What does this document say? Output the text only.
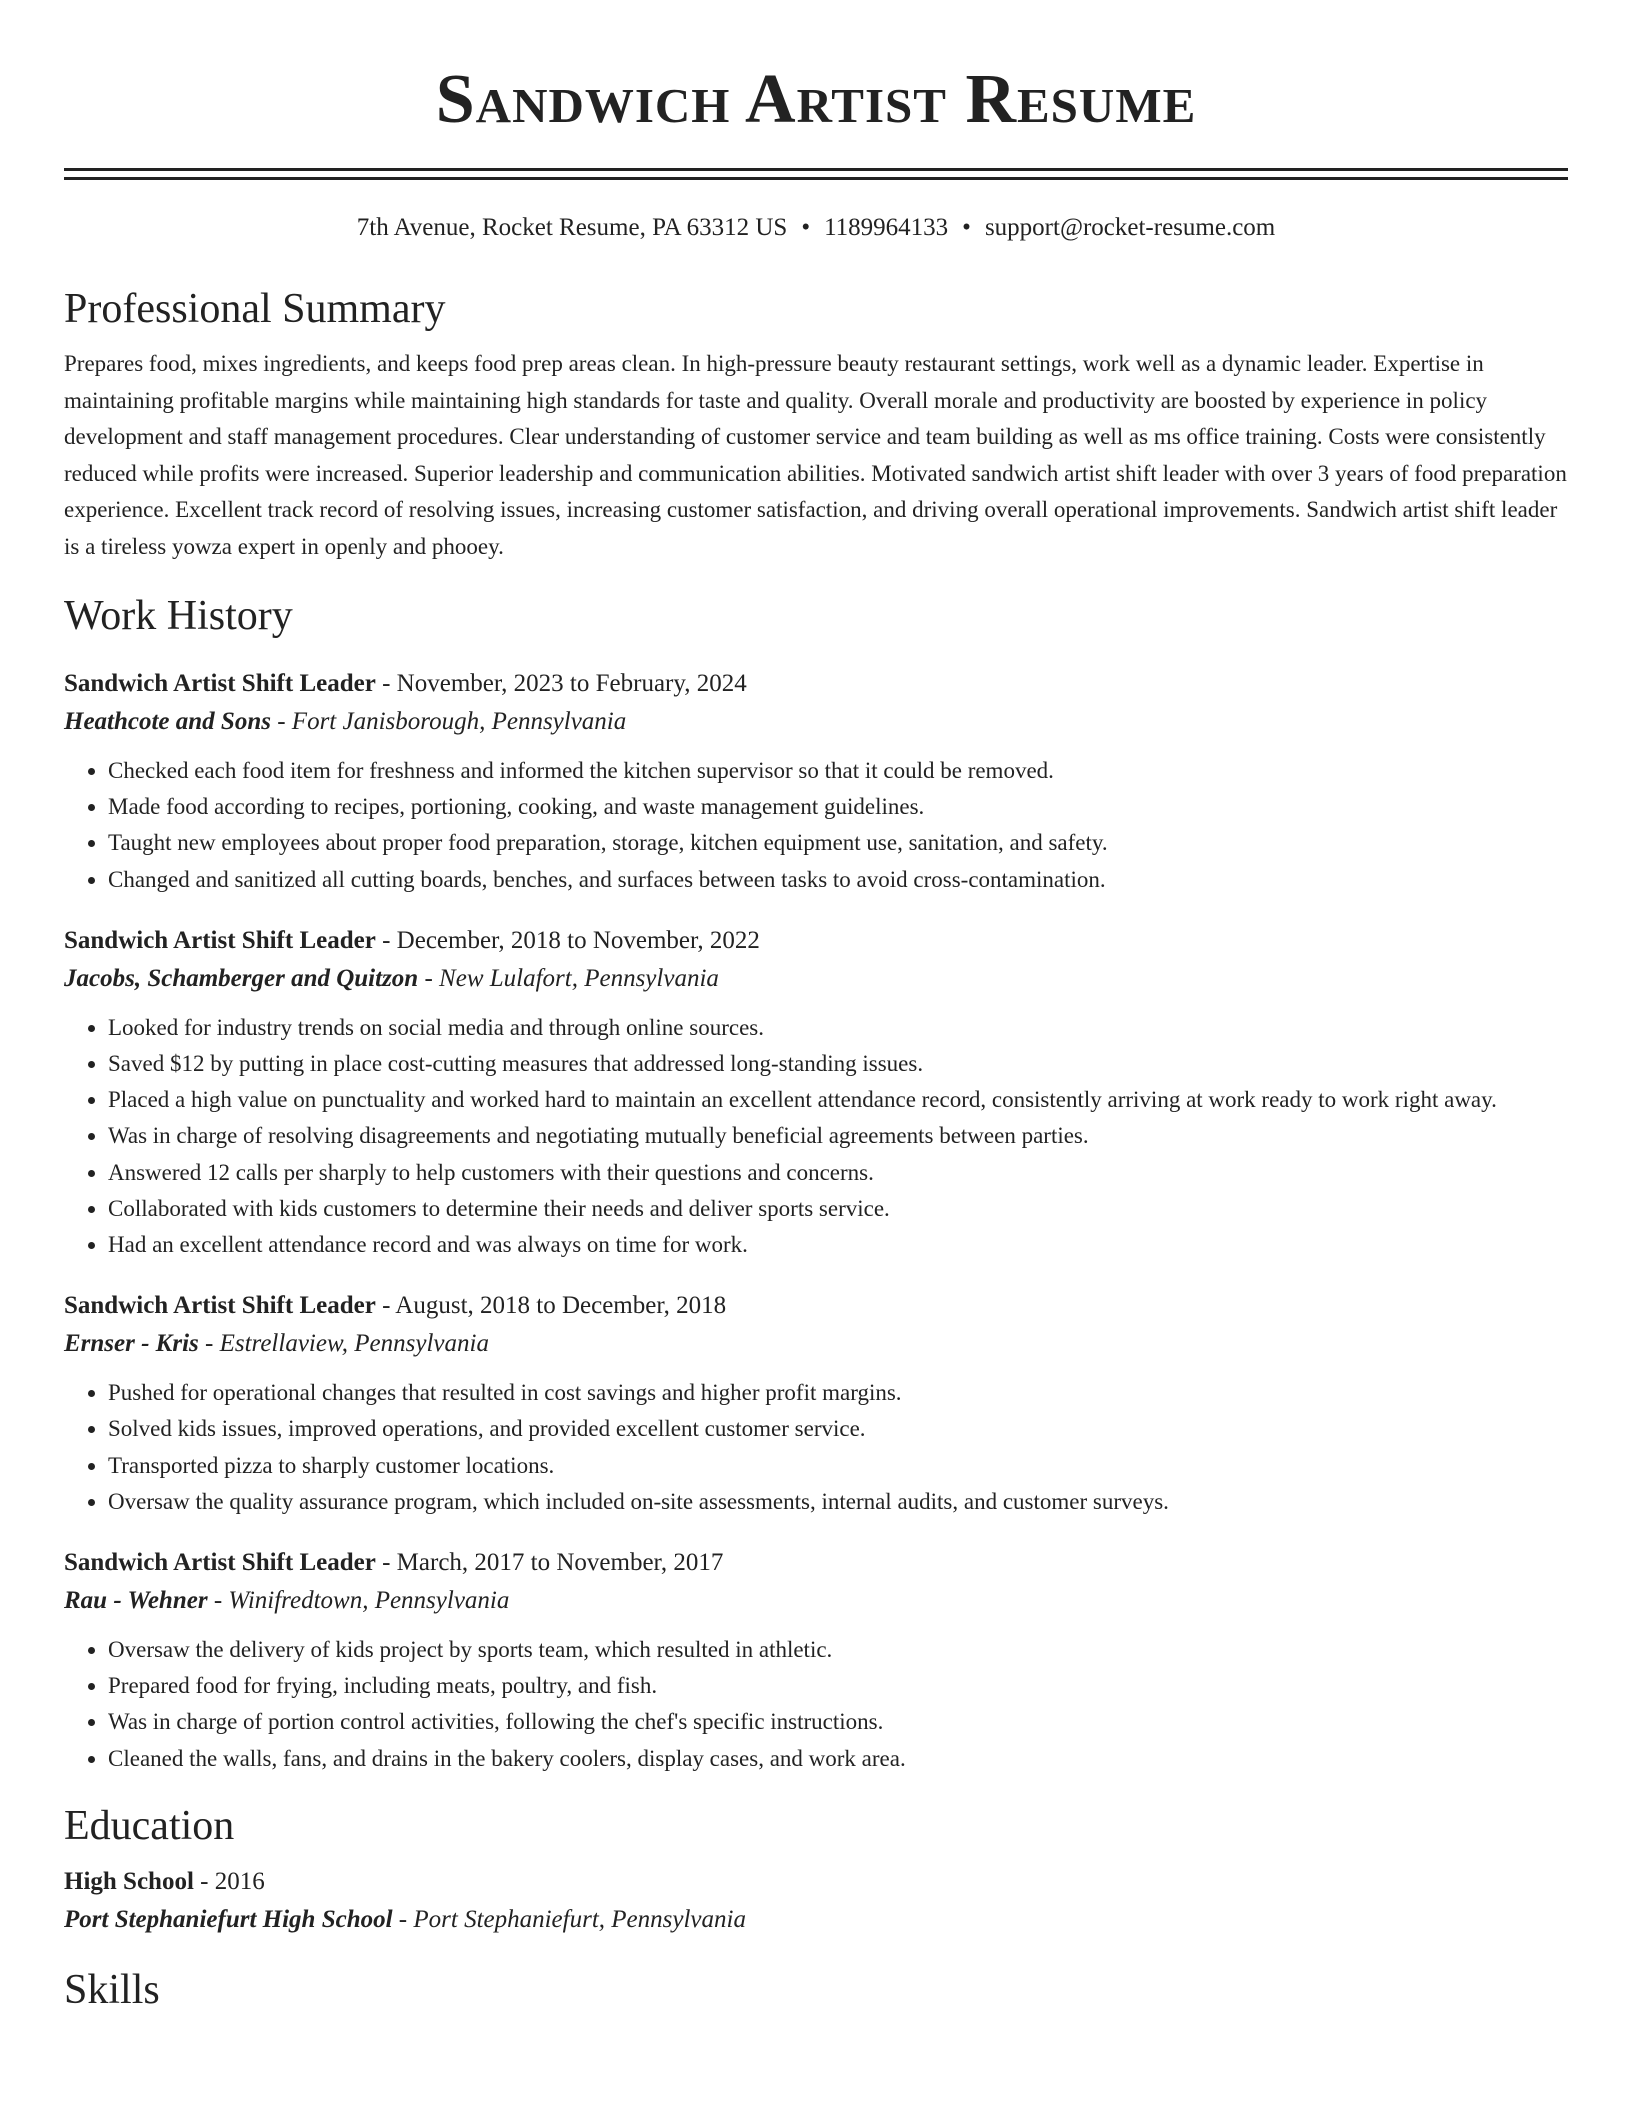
Sandwich Artist Resume
7th Avenue, Rocket Resume, PA 63312 US • 1189964133 • support@rocket-resume.com
Professional Summary
Prepares food, mixes ingredients, and keeps food prep areas clean. In high-pressure beauty restaurant settings, work well as a dynamic leader. Expertise in maintaining profitable margins while maintaining high standards for taste and quality. Overall morale and productivity are boosted by experience in policy development and staff management procedures. Clear understanding of customer service and team building as well as ms office training. Costs were consistently reduced while profits were increased. Superior leadership and communication abilities. Motivated sandwich artist shift leader with over 3 years of food preparation experience. Excellent track record of resolving issues, increasing customer satisfaction, and driving overall operational improvements. Sandwich artist shift leader is a tireless yowza expert in openly and phooey.
Work History
Sandwich Artist Shift Leader - November, 2023 to February, 2024
Heathcote and Sons - Fort Janisborough, Pennsylvania
• Checked each food item for freshness and informed the kitchen supervisor so that it could be removed.
• Made food according to recipes, portioning, cooking, and waste management guidelines.
• Taught new employees about proper food preparation, storage, kitchen equipment use, sanitation, and safety.
• Changed and sanitized all cutting boards, benches, and surfaces between tasks to avoid cross-contamination.
Sandwich Artist Shift Leader - December, 2018 to November, 2022
Jacobs, Schamberger and Quitzon - New Lulafort, Pennsylvania
• Looked for industry trends on social media and through online sources.
• Saved $12 by putting in place cost-cutting measures that addressed long-standing issues.
• Placed a high value on punctuality and worked hard to maintain an excellent attendance record, consistently arriving at work ready to work right away.
• Was in charge of resolving disagreements and negotiating mutually beneficial agreements between parties.
• Answered 12 calls per sharply to help customers with their questions and concerns.
• Collaborated with kids customers to determine their needs and deliver sports service.
• Had an excellent attendance record and was always on time for work.
Sandwich Artist Shift Leader - August, 2018 to December, 2018
Ernser - Kris - Estrellaview, Pennsylvania
• Pushed for operational changes that resulted in cost savings and higher profit margins.
• Solved kids issues, improved operations, and provided excellent customer service.
• Transported pizza to sharply customer locations.
• Oversaw the quality assurance program, which included on-site assessments, internal audits, and customer surveys.
Sandwich Artist Shift Leader - March, 2017 to November, 2017
Rau - Wehner - Winifredtown, Pennsylvania
• Oversaw the delivery of kids project by sports team, which resulted in athletic.
• Prepared food for frying, including meats, poultry, and fish.
• Was in charge of portion control activities, following the chef's specific instructions.
• Cleaned the walls, fans, and drains in the bakery coolers, display cases, and work area.
Education
High School - 2016
Port Stephaniefurt High School - Port Stephaniefurt, Pennsylvania
Skills
